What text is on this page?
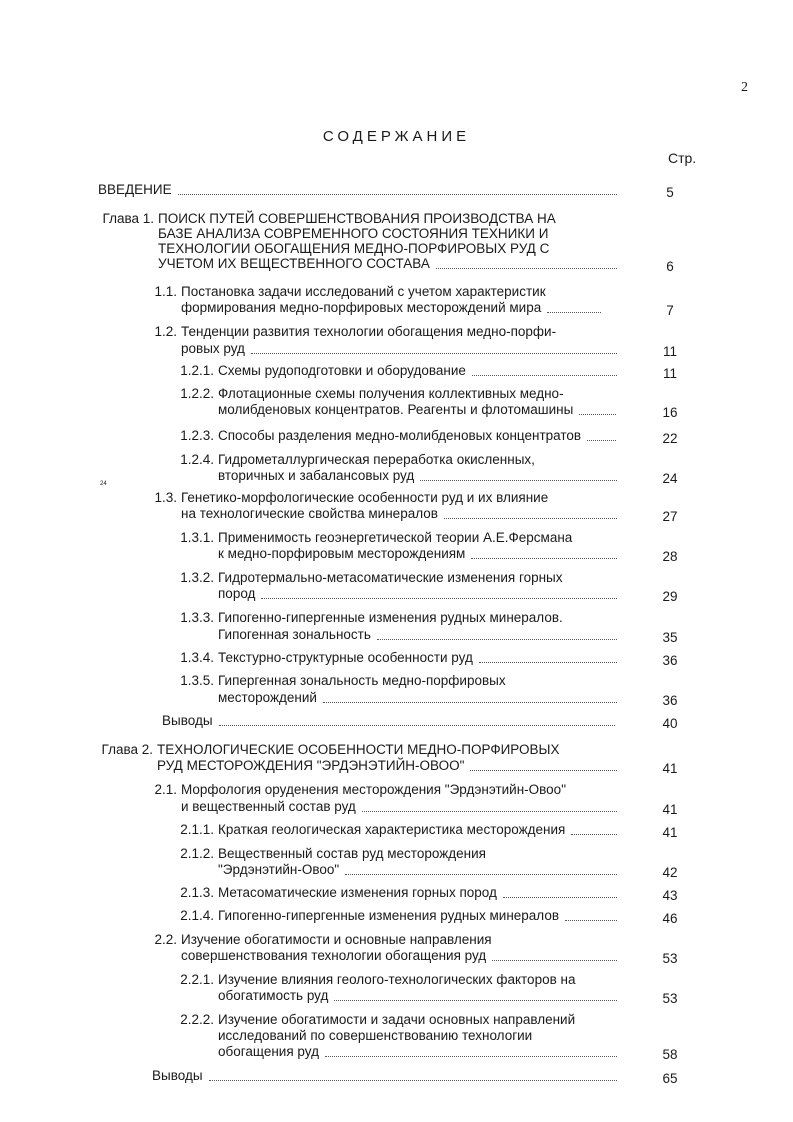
2
СОДЕРЖАНИЕ
Стр.
24
ВВЕДЕНИЕ	5
Глава 1. ПОИСК ПУТЕЙ СОВЕРШЕНСТВОВАНИЯ ПРОИЗВОДСТВА НА
БАЗЕ АНАЛИЗА СОВРЕМЕННОГО СОСТОЯНИЯ ТЕХНИКИ И
ТЕХНОЛОГИИ ОБОГАЩЕНИЯ МЕДНО-ПОРФИРОВЫХ РУД С
УЧЕТОМ ИХ ВЕЩЕСТВЕННОГО СОСТАВА	6
1.1. Постановка задачи исследований с учетом характеристик
формирования медно-порфировых месторождений мира	7
1.2. Тенденции развития технологии обогащения медно-порфи-
ровых руд	11
1.2.1. Схемы рудоподготовки и оборудование	11
1.2.2. Флотационные схемы получения коллективных медно-
молибденовых концентратов. Реагенты и флотомашины	16
1.2.3. Способы разделения медно-молибденовых концентратов	22
1.2.4. Гидрометаллургическая переработка окисленных,
вторичных и забалансовых руд	24
1.3. Генетико-морфологические особенности руд и их влияние
на технологические свойства минералов	27
1.3.1. Применимость геоэнергетической теории А.Е.Ферсмана
к медно-порфировым месторождениям	28
1.3.2. Гидротермально-метасоматические изменения горных
пород	29
1.3.3. Гипогенно-гипергенные изменения рудных минералов.
Гипогенная зональность	35
1.3.4. Текстурно-структурные особенности руд	36
1.3.5. Гипергенная зональность медно-порфировых
месторождений	36
Выводы	40
Глава 2. ТЕХНОЛОГИЧЕСКИЕ ОСОБЕННОСТИ МЕДНО-ПОРФИРОВЫХ
РУД МЕСТОРОЖДЕНИЯ "ЭРДЭНЭТИЙН-ОВОО"	41
2.1. Морфология оруденения месторождения "Эрдэнэтийн-Овоо"
и вещественный состав руд	41
2.1.1. Краткая геологическая характеристика месторождения	41
2.1.2. Вещественный состав руд месторождения
"Эрдэнэтийн-Овоо"	42
2.1.3. Метасоматические изменения горных пород	43
2.1.4. Гипогенно-гипергенные изменения рудных минералов	46
2.2. Изучение обогатимости и основные направления
совершенствования технологии обогащения руд	53
2.2.1. Изучение влияния геолого-технологических факторов на
обогатимость руд	53
2.2.2. Изучение обогатимости и задачи основных направлений
исследований по совершенствованию технологии
обогащения руд	58
Выводы	65
